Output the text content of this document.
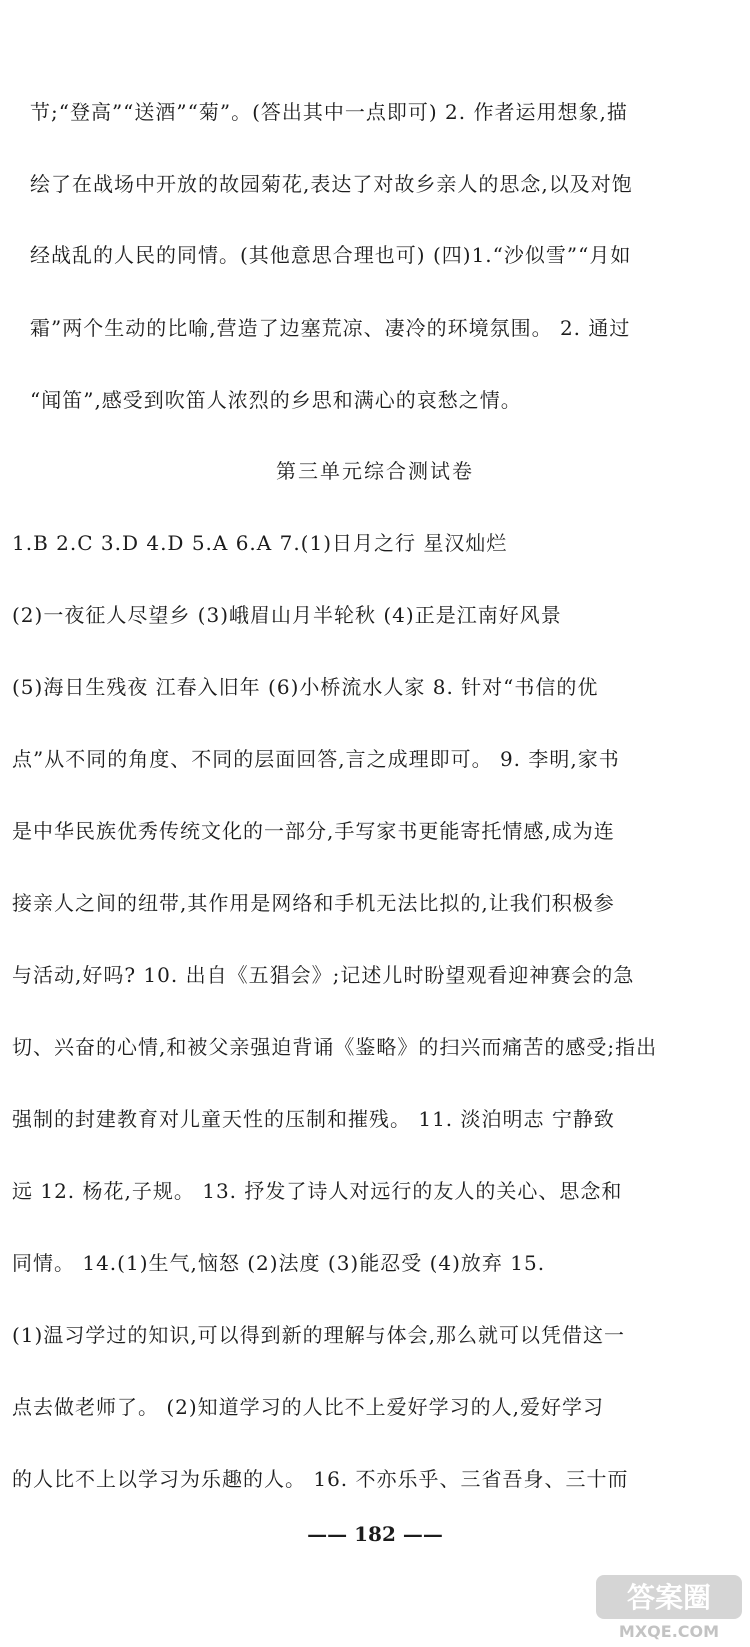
节;“登高”“送酒”“菊”。(答出其中一点即可) 2. 作者运用想象,描
绘了在战场中开放的故园菊花,表达了对故乡亲人的思念,以及对饱
经战乱的人民的同情。(其他意思合理也可) (四)1.“沙似雪”“月如
霜”两个生动的比喻,营造了边塞荒凉、凄冷的环境氛围。 2. 通过
“闻笛”,感受到吹笛人浓烈的乡思和满心的哀愁之情。
第三单元综合测试卷
1.B 2.C 3.D 4.D 5.A 6.A 7.(1)日月之行 星汉灿烂
(2)一夜征人尽望乡 (3)峨眉山月半轮秋 (4)正是江南好风景
(5)海日生残夜 江春入旧年 (6)小桥流水人家 8. 针对“书信的优
点”从不同的角度、不同的层面回答,言之成理即可。 9. 李明,家书
是中华民族优秀传统文化的一部分,手写家书更能寄托情感,成为连
接亲人之间的纽带,其作用是网络和手机无法比拟的,让我们积极参
与活动,好吗? 10. 出自《五猖会》;记述儿时盼望观看迎神赛会的急
切、兴奋的心情,和被父亲强迫背诵《鉴略》的扫兴而痛苦的感受;指出
强制的封建教育对儿童天性的压制和摧残。 11. 淡泊明志 宁静致
远 12. 杨花,子规。 13. 抒发了诗人对远行的友人的关心、思念和
同情。 14.(1)生气,恼怒 (2)法度 (3)能忍受 (4)放弃 15.
(1)温习学过的知识,可以得到新的理解与体会,那么就可以凭借这一
点去做老师了。 (2)知道学习的人比不上爱好学习的人,爱好学习
的人比不上以学习为乐趣的人。 16. 不亦乐乎、三省吾身、三十而
—— 182 ——
答案圈
MXQE.COM
